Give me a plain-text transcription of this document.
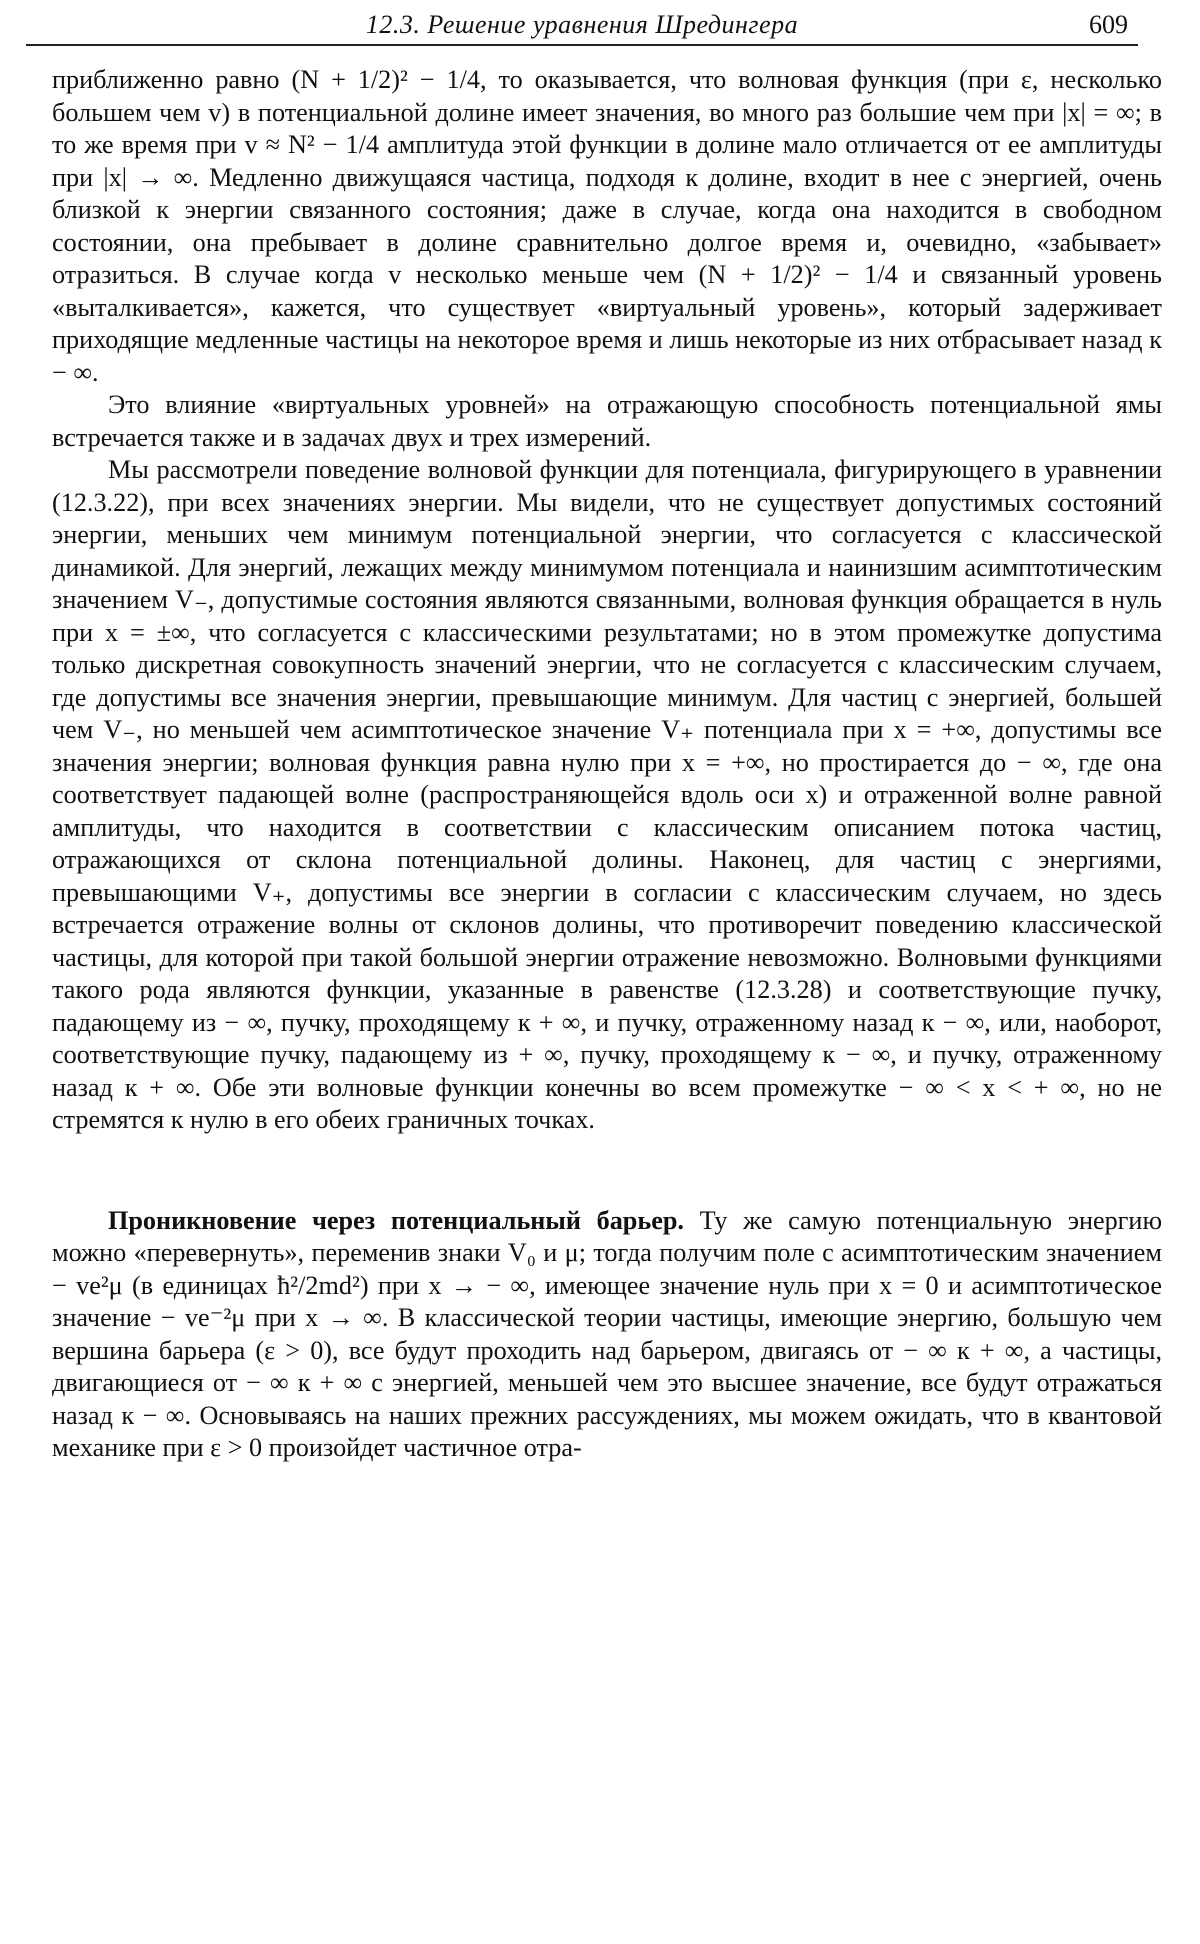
12.3. Решение уравнения Шредингера	609

приближенно равно (N + 1/2)² − 1/4, то оказывается, что волновая функция (при ε, несколько большем чем v) в потенциальной долине имеет значения, во много раз большие чем при |x| = ∞; в то же время при v ≈ N² − 1/4 амплитуда этой функции в долине мало отличается от ее амплитуды при |x| → ∞. Медленно движущаяся частица, подходя к долине, входит в нее с энергией, очень близкой к энергии связанного состояния; даже в случае, когда она находится в свободном состоянии, она пребывает в долине сравнительно долгое время и, очевидно, «забывает» отразиться. В случае когда v несколько меньше чем (N + 1/2)² − 1/4 и связанный уровень «выталкивается», кажется, что существует «виртуальный уровень», который задерживает приходящие медленные частицы на некоторое время и лишь некоторые из них отбрасывает назад к − ∞.

Это влияние «виртуальных уровней» на отражающую способность потенциальной ямы встречается также и в задачах двух и трех измерений.

Мы рассмотрели поведение волновой функции для потенциала, фигурирующего в уравнении (12.3.22), при всех значениях энергии. Мы видели, что не существует допустимых состояний энергии, меньших чем минимум потенциальной энергии, что согласуется с классической динамикой. Для энергий, лежащих между минимумом потенциала и наинизшим асимптотическим значением V₋, допустимые состояния являются связанными, волновая функция обращается в нуль при x = ±∞, что согласуется с классическими результатами; но в этом промежутке допустима только дискретная совокупность значений энергии, что не согласуется с классическим случаем, где допустимы все значения энергии, превышающие минимум. Для частиц с энергией, большей чем V₋, но меньшей чем асимптотическое значение V₊ потенциала при x = +∞, допустимы все значения энергии; волновая функция равна нулю при x = +∞, но простирается до − ∞, где она соответствует падающей волне (распространяющейся вдоль оси x) и отраженной волне равной амплитуды, что находится в соответствии с классическим описанием потока частиц, отражающихся от склона потенциальной долины. Наконец, для частиц с энергиями, превышающими V₊, допустимы все энергии в согласии с классическим случаем, но здесь встречается отражение волны от склонов долины, что противоречит поведению классической частицы, для которой при такой большой энергии отражение невозможно. Волновыми функциями такого рода являются функции, указанные в равенстве (12.3.28) и соответствующие пучку, падающему из − ∞, пучку, проходящему к + ∞, и пучку, отраженному назад к − ∞, или, наоборот, соответствующие пучку, падающему из + ∞, пучку, проходящему к − ∞, и пучку, отраженному назад к + ∞. Обе эти волновые функции конечны во всем промежутке − ∞ < x < + ∞, но не стремятся к нулю в его обеих граничных точках.

Проникновение через потенциальный барьер. Ту же самую потенциальную энергию можно «перевернуть», переменив знаки V₀ и μ; тогда получим поле с асимптотическим значением − ve²μ (в единицах ħ²/2md²) при x → − ∞, имеющее значение нуль при x = 0 и асимптотическое значение − ve⁻²μ при x → ∞. В классической теории частицы, имеющие энергию, большую чем вершина барьера (ε > 0), все будут проходить над барьером, двигаясь от − ∞ к + ∞, а частицы, двигающиеся от − ∞ к + ∞ с энергией, меньшей чем это высшее значение, все будут отражаться назад к − ∞. Основываясь на наших прежних рассуждениях, мы можем ожидать, что в квантовой механике при ε > 0 произойдет частичное отра-
